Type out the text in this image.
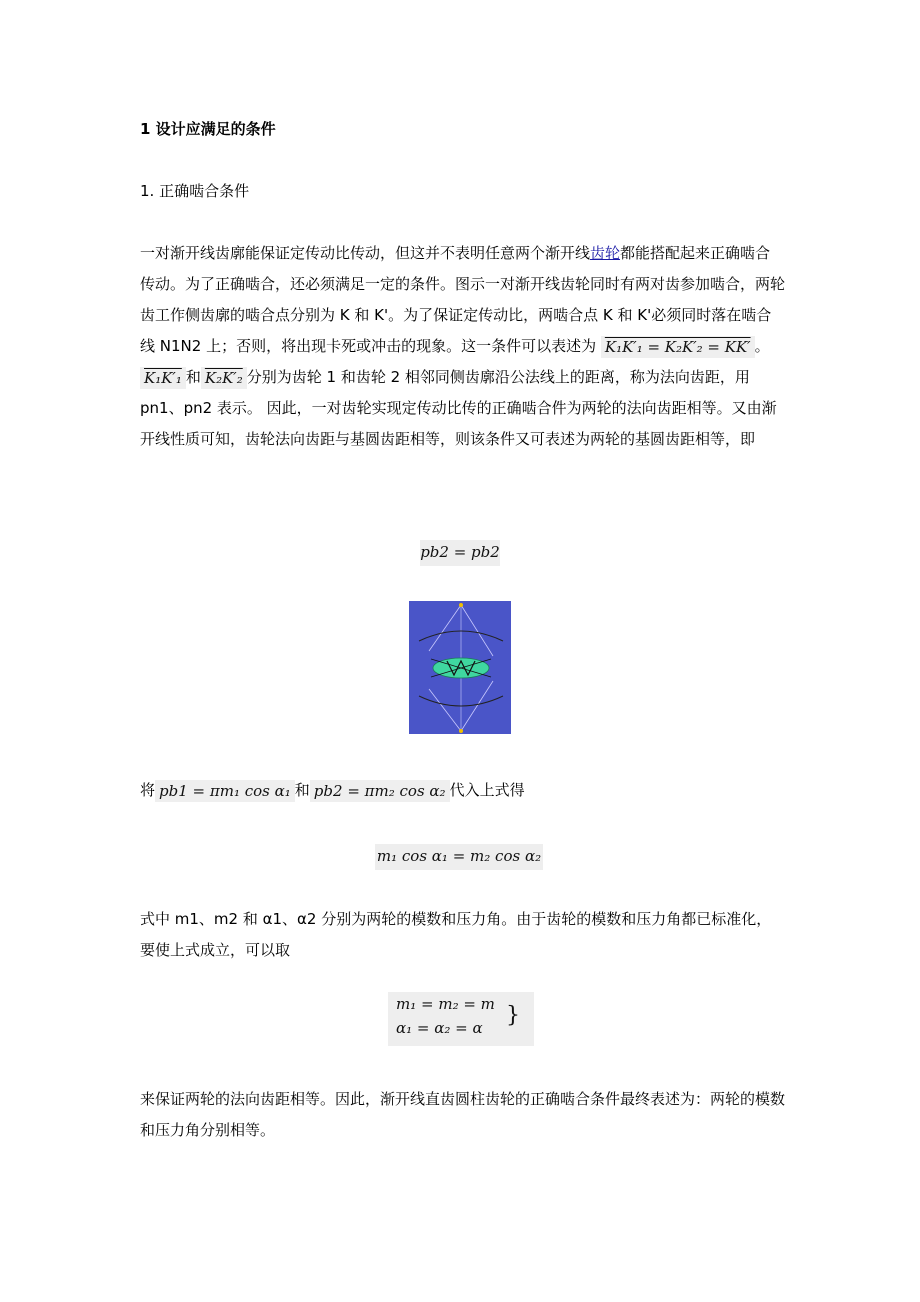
1 设计应满足的条件
1. 正确啮合条件
一对渐开线齿廓能保证定传动比传动，但这并不表明任意两个渐开线齿轮都能搭配起来正确啮合传动。为了正确啮合，还必须满足一定的条件。图示一对渐开线齿轮同时有两对齿参加啮合，两轮齿工作侧齿廓的啮合点分别为 K 和 K'。为了保证定传动比，两啮合点 K 和 K'必须同时落在啮合线 N1N2 上；否则，将出现卡死或冲击的现象。这一条件可以表述为 K₁K′₁ = K₂K′₂ = KK′ 。K₁K′₁ 和 K₂K′₂ 分别为齿轮 1 和齿轮 2 相邻同侧齿廓沿公法线上的距离，称为法向齿距，用 pn1、pn2 表示。 因此，一对齿轮实现定传动比传的正确啮合件为两轮的法向齿距相等。又由渐开线性质可知，齿轮法向齿距与基圆齿距相等，则该条件又可表述为两轮的基圆齿距相等，即
pb2 = pb2
将 pb1 = πm₁ cos α₁ 和 pb2 = πm₂ cos α₂ 代入上式得
m₁ cos α₁ = m₂ cos α₂
式中 m1、m2 和 α1、α2 分别为两轮的模数和压力角。由于齿轮的模数和压力角都已标准化，要使上式成立，可以取
m₁ = m₂ = m
α₁ = α₂ = α	}
来保证两轮的法向齿距相等。因此，渐开线直齿圆柱齿轮的正确啮合条件最终表述为：两轮的模数和压力角分别相等。
